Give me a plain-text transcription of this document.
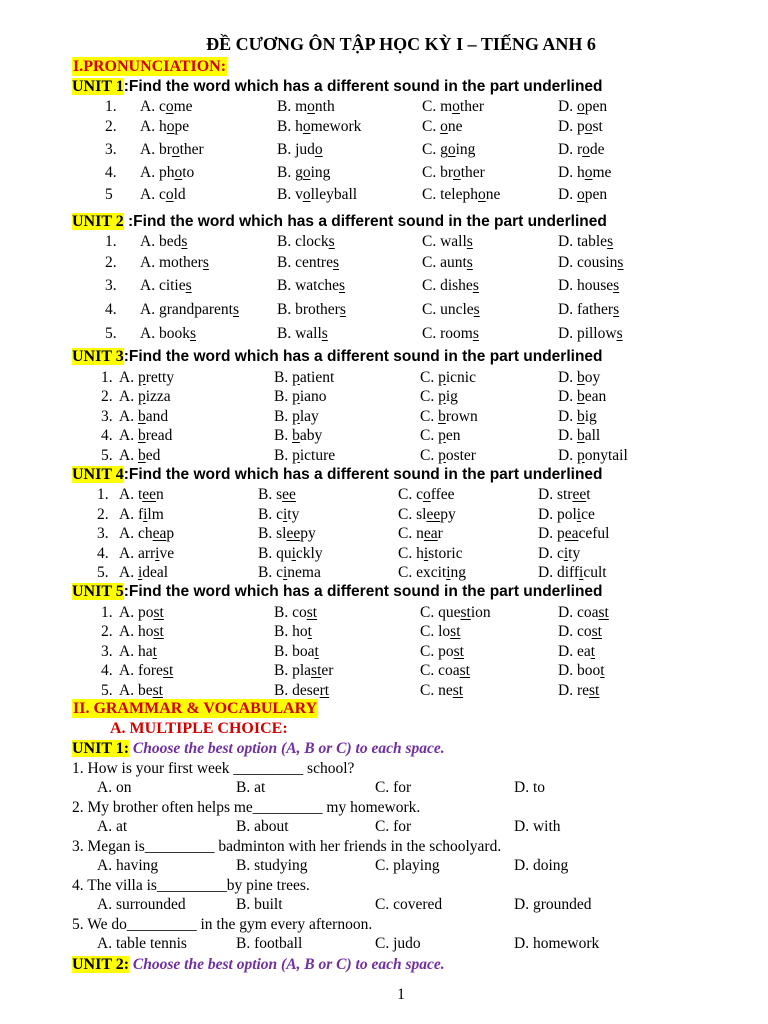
ĐỀ CƯƠNG ÔN TẬP HỌC KỲ I – TIẾNG ANH 6
I.PRONUNCIATION:
UNIT 1:Find the word which has a different sound in the part underlined
UNIT 2 :Find the word which has a different sound in the part underlined
UNIT 3:Find the word which has a different sound in the part underlined
UNIT 4:Find the word which has a different sound in the part underlined
UNIT 5:Find the word which has a different sound in the part underlined
1. A. come	B. month	C. mother	D. open
2. A. hope	B. homework	C. one	D. post
3. A. brother	B. judo	C. going	D. rode
4. A. photo	B. going	C. brother	D. home
5 A. cold	B. volleyball	C. telephone	D. open
1. A. beds	B. clocks	C. walls	D. tables
2. A. mothers	B. centres	C. aunts	D. cousins
3. A. cities	B. watches	C. dishes	D. houses
4. A. grandparents B. brothers	C. uncles	D. fathers
5. A. books	B. walls	C. rooms	D. pillows
1. A. pretty	B. patient	C. picnic	D. boy
2. A. pizza	B. piano	C. pig	D. bean
3. A. band	B. play	C. brown	D. big
4. A. bread	B. baby	C. pen	D. ball
5. A. bed	B. picture	C. poster	D. ponytail
1. A. teen	B. see	C. coffee	D. street
2. A. film	B. city	C. sleepy	D. police
3. A. cheap	B. sleepy	C. near	D. peaceful
4. A. arrive	B. quickly	C. historic	D. city
5. A. ideal	B. cinema	C. exciting	D. difficult
1. A. post	B. cost	C. question	D. coast
2. A. host	B. hot	C. lost	D. cost
3. A. hat	B. boat	C. post	D. eat
4. A. forest	B. plaster	C. coast	D. boot
5. A. best	B. desert	C. nest	D. rest
II. GRAMMAR & VOCABULARY
A. MULTIPLE CHOICE:
UNIT 1: Choose the best option (A, B or C) to each space.
1. How is your first week _________ school?
A. on	B. at	C. for	D. to
2. My brother often helps me_________ my homework.
A. at	B. about	C. for	D. with
3. Megan is_________ badminton with her friends in the schoolyard.
A. having	B. studying	C. playing	D. doing
4. The villa is_________by pine trees.
A. surrounded	B. built	C. covered	D. grounded
5. We do_________ in the gym every afternoon.
A. table tennis	B. football	C. judo	D. homework
UNIT 2: Choose the best option (A, B or C) to each space.
1
